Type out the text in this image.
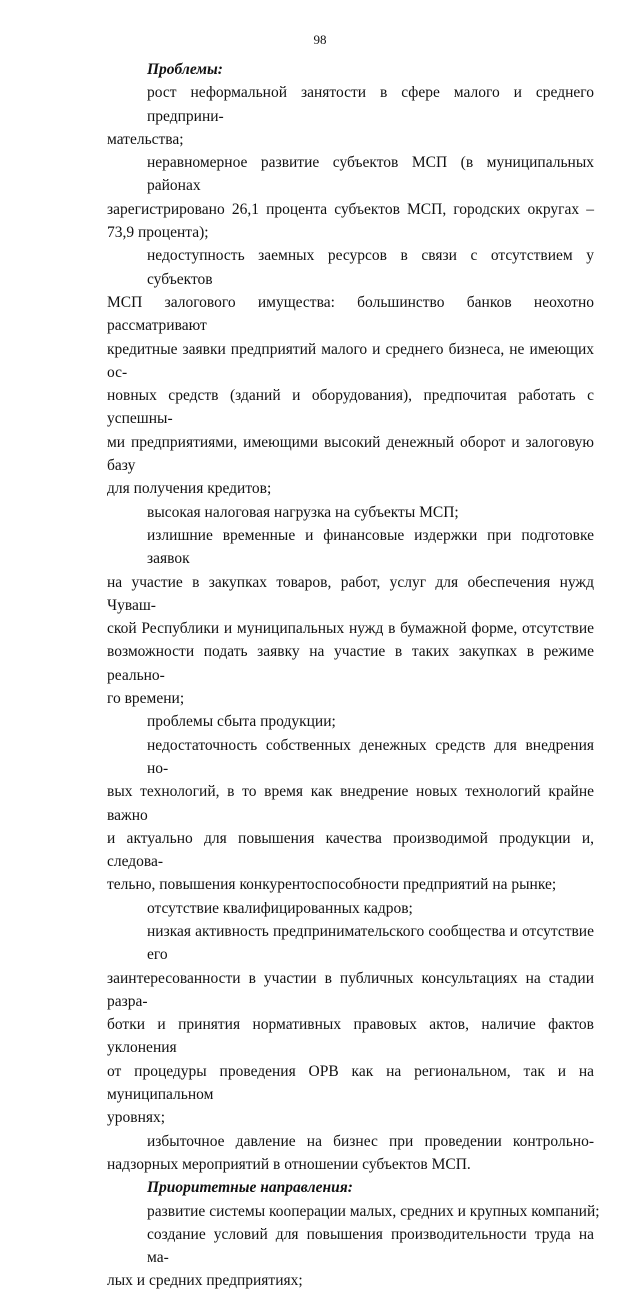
98
Проблемы:
рост неформальной занятости в сфере малого и среднего предприни-
мательства;
неравномерное развитие субъектов МСП (в муниципальных районах
зарегистрировано 26,1 процента субъектов МСП, городских округах –
73,9 процента);
недоступность заемных ресурсов в связи с отсутствием у субъектов
МСП залогового имущества: большинство банков неохотно рассматривают
кредитные заявки предприятий малого и среднего бизнеса, не имеющих ос-
новных средств (зданий и оборудования), предпочитая работать с успешны-
ми предприятиями, имеющими высокий денежный оборот и залоговую базу
для получения кредитов;
высокая налоговая нагрузка на субъекты МСП;
излишние временные и финансовые издержки при подготовке заявок
на участие в закупках товаров, работ, услуг для обеспечения нужд Чуваш-
ской Республики и муниципальных нужд в бумажной форме, отсутствие
возможности подать заявку на участие в таких закупках в режиме реально-
го времени;
проблемы сбыта продукции;
недостаточность собственных денежных средств для внедрения но-
вых технологий, в то время как внедрение новых технологий крайне важно
и актуально для повышения качества производимой продукции и, следова-
тельно, повышения конкурентоспособности предприятий на рынке;
отсутствие квалифицированных кадров;
низкая активность предпринимательского сообщества и отсутствие его
заинтересованности в участии в публичных консультациях на стадии разра-
ботки и принятия нормативных правовых актов, наличие фактов уклонения
от процедуры проведения ОРВ как на региональном, так и на муниципальном
уровнях;
избыточное давление на бизнес при проведении контрольно-
надзорных мероприятий в отношении субъектов МСП.
Приоритетные направления:
развитие системы кооперации малых, средних и крупных компаний;
создание условий для повышения производительности труда на ма-
лых и средних предприятиях;
